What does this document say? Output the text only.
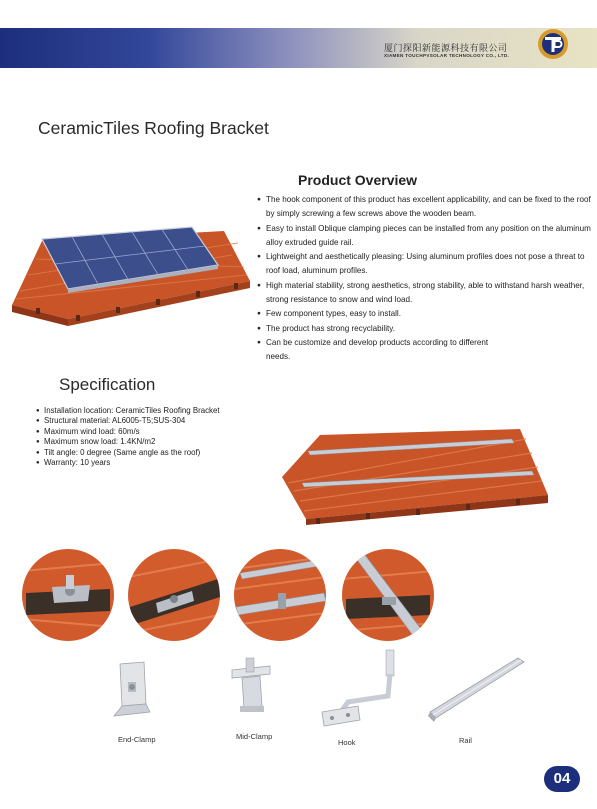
厦门探阳新能源科技有限公司
XIAMEN TOUCHPVSOLAR TECHNOLOGY CO., LTD.
CeramicTiles Roofing Bracket
Product Overview
● The hook component of this product has excellent applicability, and can be fixed to the roof by simply screwing a few screws above the wooden beam.
● Easy to install Oblique clamping pieces can be installed from any position on the aluminum alloy extruded guide rail.
● Lightweight and aesthetically pleasing: Using aluminum profiles does not pose a threat to roof load, aluminum profiles.
● High material stability, strong aesthetics, strong stability, able to withstand harsh weather, strong resistance to snow and wind load.
● Few component types, easy to install.
● The product has strong recyclability.
● Can be customize and develop products according to different needs.
Specification
● Installation location: CeramicTiles Roofing Bracket
● Structural material: AL6005-T5;SUS-304
● Maximum wind load: 60m/s
● Maximum snow load: 1.4KN/m2
● Tilt angle: 0 degree (Same angle as the roof)
● Warranty: 10 years
End-Clamp	Mid-Clamp
Hook	Rail
04
